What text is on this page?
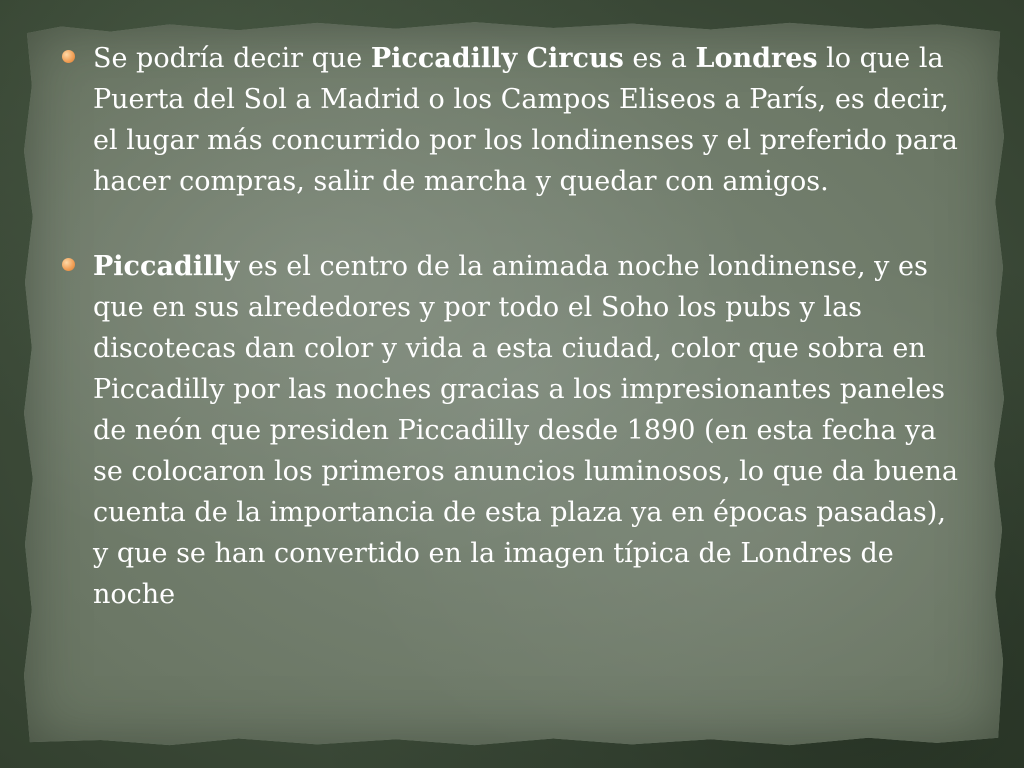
Se podría decir que Piccadilly Circus es a Londres lo que la Puerta del Sol a Madrid o los Campos Eliseos a París, es decir, el lugar más concurrido por los londinenses y el preferido para hacer compras, salir de marcha y quedar con amigos.
Piccadilly es el centro de la animada noche londinense, y es que en sus alrededores y por todo el Soho los pubs y las discotecas dan color y vida a esta ciudad, color que sobra en Piccadilly por las noches gracias a los impresionantes paneles de neón que presiden Piccadilly desde 1890 (en esta fecha ya se colocaron los primeros anuncios luminosos, lo que da buena cuenta de la importancia de esta plaza ya en épocas pasadas), y que se han convertido en la imagen típica de Londres de noche
